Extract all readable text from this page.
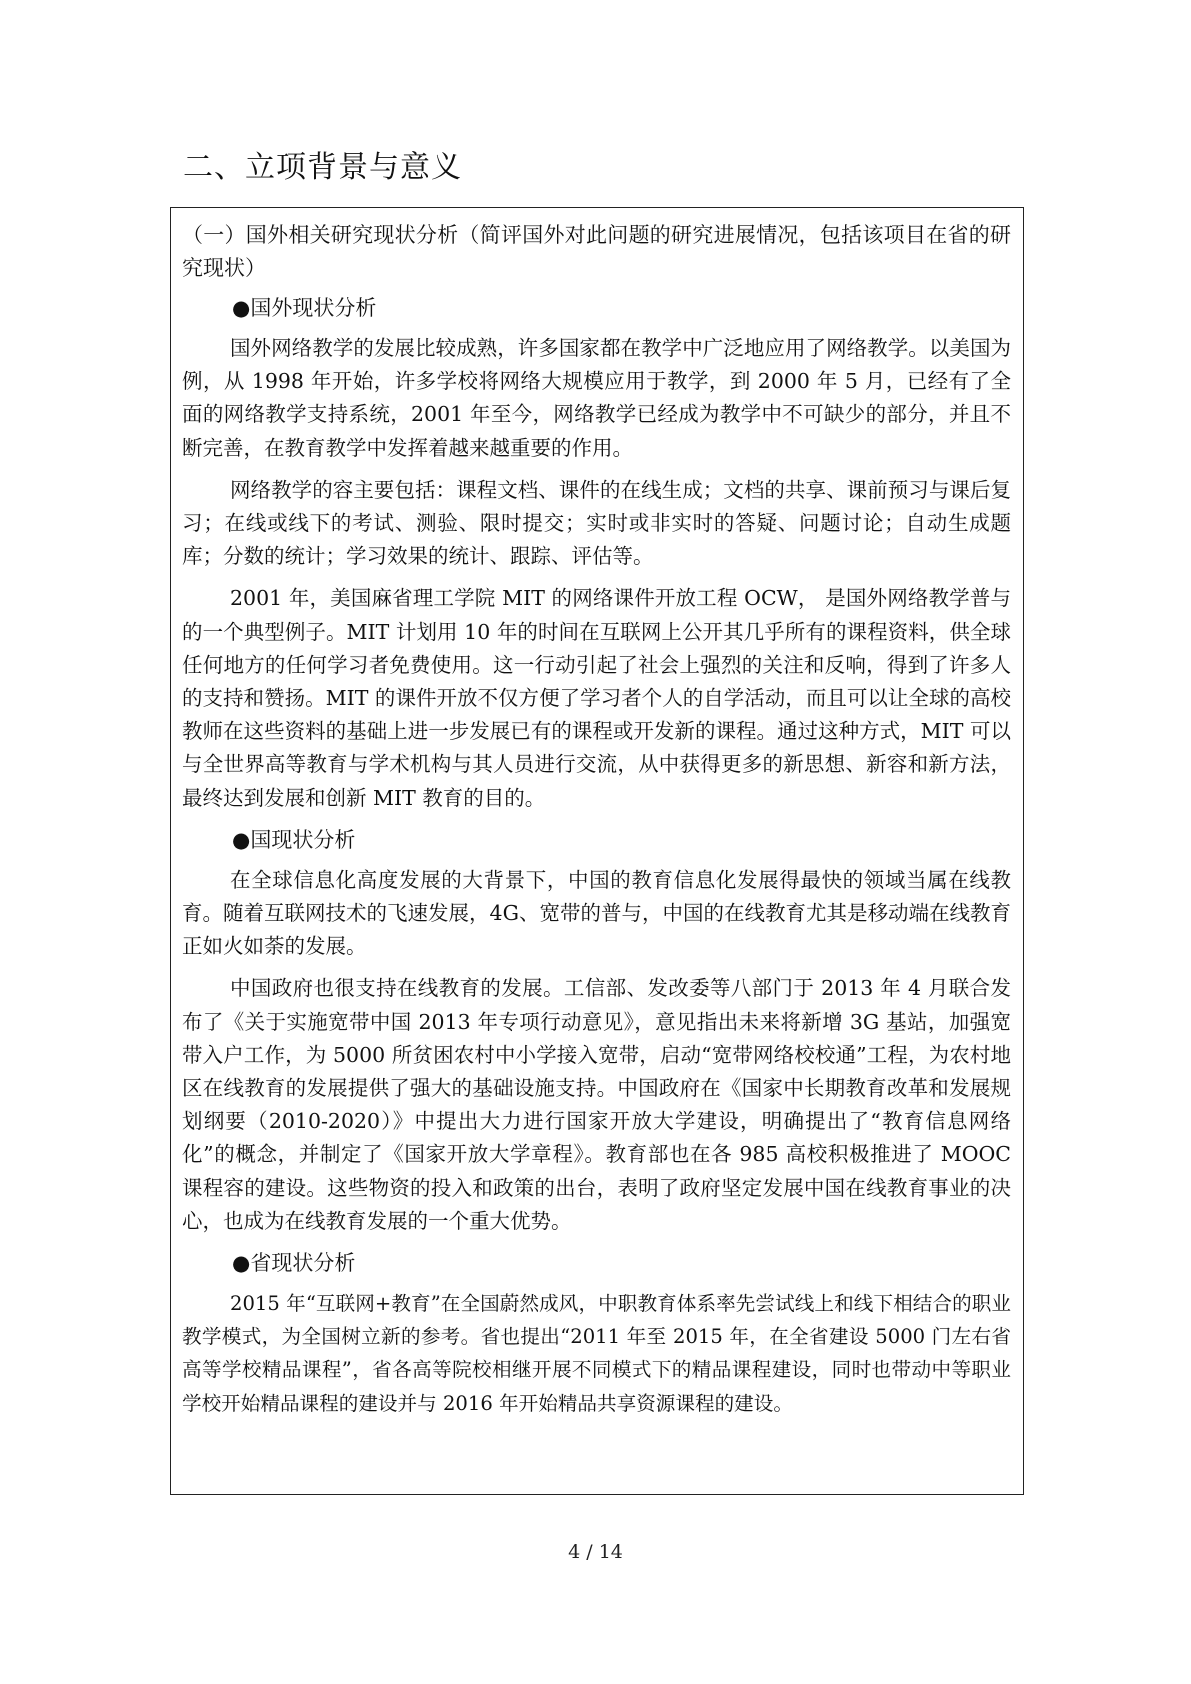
二、立项背景与意义

（一）国外相关研究现状分析（简评国外对此问题的研究进展情况，包括该项目在省的研究现状）

●国外现状分析

国外网络教学的发展比较成熟，许多国家都在教学中广泛地应用了网络教学。以美国为例，从 1998 年开始，许多学校将网络大规模应用于教学，到 2000 年 5 月，已经有了全面的网络教学支持系统，2001 年至今，网络教学已经成为教学中不可缺少的部分，并且不断完善，在教育教学中发挥着越来越重要的作用。

网络教学的容主要包括：课程文档、课件的在线生成；文档的共享、课前预习与课后复习；在线或线下的考试、测验、限时提交；实时或非实时的答疑、问题讨论；自动生成题库；分数的统计；学习效果的统计、跟踪、评估等。

2001 年，美国麻省理工学院 MIT 的网络课件开放工程 OCW， 是国外网络教学普与的一个典型例子。MIT 计划用 10 年的时间在互联网上公开其几乎所有的课程资料，供全球任何地方的任何学习者免费使用。这一行动引起了社会上强烈的关注和反响，得到了许多人的支持和赞扬。MIT 的课件开放不仅方便了学习者个人的自学活动，而且可以让全球的高校教师在这些资料的基础上进一步发展已有的课程或开发新的课程。通过这种方式，MIT 可以与全世界高等教育与学术机构与其人员进行交流，从中获得更多的新思想、新容和新方法，最终达到发展和创新 MIT 教育的目的。

●国现状分析

在全球信息化高度发展的大背景下，中国的教育信息化发展得最快的领域当属在线教育。随着互联网技术的飞速发展，4G、宽带的普与，中国的在线教育尤其是移动端在线教育正如火如荼的发展。

中国政府也很支持在线教育的发展。工信部、发改委等八部门于 2013 年 4 月联合发布了《关于实施宽带中国 2013 年专项行动意见》，意见指出未来将新增 3G 基站，加强宽带入户工作，为 5000 所贫困农村中小学接入宽带，启动“宽带网络校校通”工程，为农村地区在线教育的发展提供了强大的基础设施支持。中国政府在《国家中长期教育改革和发展规划纲要（2010-2020）》中提出大力进行国家开放大学建设，明确提出了“教育信息网络化”的概念，并制定了《国家开放大学章程》。教育部也在各 985 高校积极推进了 MOOC 课程容的建设。这些物资的投入和政策的出台，表明了政府坚定发展中国在线教育事业的决心，也成为在线教育发展的一个重大优势。

●省现状分析

2015 年“互联网+教育”在全国蔚然成风，中职教育体系率先尝试线上和线下相结合的职业教学模式，为全国树立新的参考。省也提出“2011 年至 2015 年，在全省建设 5000 门左右省高等学校精品课程”，省各高等院校相继开展不同模式下的精品课程建设，同时也带动中等职业学校开始精品课程的建设并与 2016 年开始精品共享资源课程的建设。

4 / 14
